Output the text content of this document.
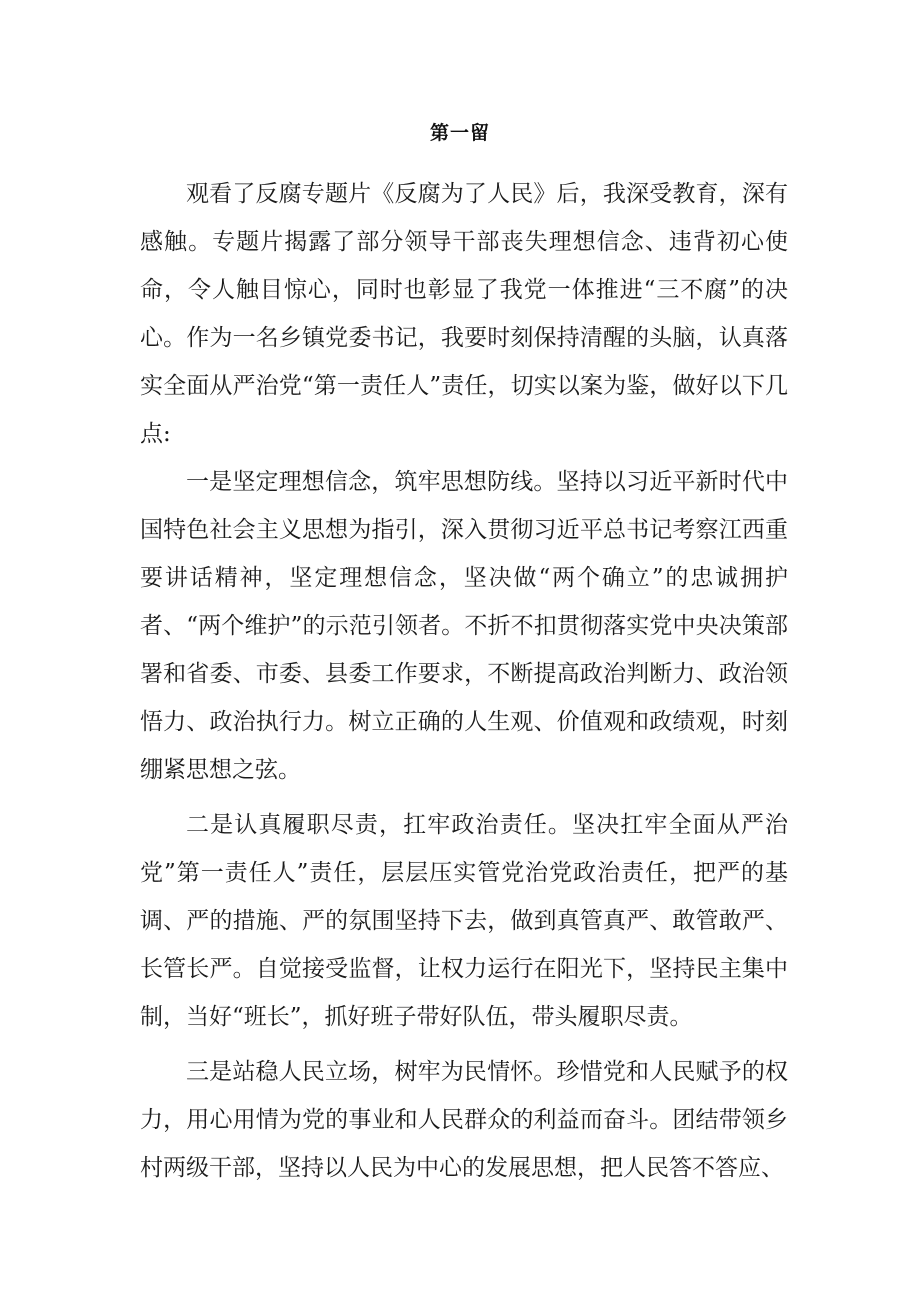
第一留

观看了反腐专题片《反腐为了人民》后，我深受教育，深有感触。专题片揭露了部分领导干部丧失理想信念、违背初心使命，令人触目惊心，同时也彰显了我党一体推进“三不腐”的决心。作为一名乡镇党委书记，我要时刻保持清醒的头脑，认真落实全面从严治党“第一责任人”责任，切实以案为鉴，做好以下几点:

一是坚定理想信念，筑牢思想防线。坚持以习近平新时代中国特色社会主义思想为指引，深入贯彻习近平总书记考察江西重要讲话精神，坚定理想信念，坚决做“两个确立”的忠诚拥护者、“两个维护”的示范引领者。不折不扣贯彻落实党中央决策部署和省委、市委、县委工作要求，不断提高政治判断力、政治领悟力、政治执行力。树立正确的人生观、价值观和政绩观，时刻绷紧思想之弦。

二是认真履职尽责，扛牢政治责任。坚决扛牢全面从严治党”第一责任人”责任，层层压实管党治党政治责任，把严的基调、严的措施、严的氛围坚持下去，做到真管真严、敢管敢严、长管长严。自觉接受监督，让权力运行在阳光下，坚持民主集中制，当好“班长”，抓好班子带好队伍，带头履职尽责。

三是站稳人民立场，树牢为民情怀。珍惜党和人民赋予的权力，用心用情为党的事业和人民群众的利益而奋斗。团结带领乡村两级干部，坚持以人民为中心的发展思想，把人民答不答应、
